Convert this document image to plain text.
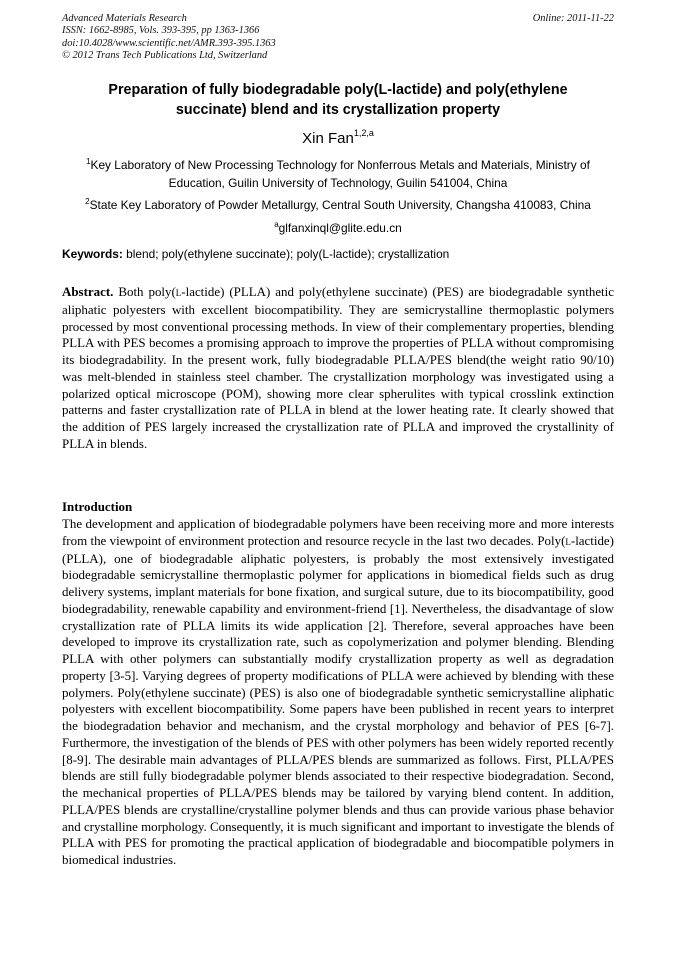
Advanced Materials Research
ISSN: 1662-8985, Vols. 393-395, pp 1363-1366
doi:10.4028/www.scientific.net/AMR.393-395.1363
© 2012 Trans Tech Publications Ltd, Switzerland
Online: 2011-11-22
Preparation of fully biodegradable poly(L-lactide) and poly(ethylene
succinate) blend and its crystallization property
Xin Fan$^{1,2,a}$
$^1$Key Laboratory of New Processing Technology for Nonferrous Metals and Materials, Ministry of Education, Guilin University of Technology, Guilin 541004, China
$^2$State Key Laboratory of Powder Metallurgy, Central South University, Changsha 410083, China
$^a$glfanxinql@glite.edu.cn
Keywords: blend; poly(ethylene succinate); poly(L-lactide); crystallization
Abstract. Both poly(L-lactide) (PLLA) and poly(ethylene succinate) (PES) are biodegradable synthetic aliphatic polyesters with excellent biocompatibility. They are semicrystalline thermoplastic polymers processed by most conventional processing methods. In view of their complementary properties, blending PLLA with PES becomes a promising approach to improve the properties of PLLA without compromising its biodegradability. In the present work, fully biodegradable PLLA/PES blend(the weight ratio 90/10) was melt-blended in stainless steel chamber. The crystallization morphology was investigated using a polarized optical microscope (POM), showing more clear spherulites with typical crosslink extinction patterns and faster crystallization rate of PLLA in blend at the lower heating rate. It clearly showed that the addition of PES largely increased the crystallization rate of PLLA and improved the crystallinity of PLLA in blends.
Introduction
The development and application of biodegradable polymers have been receiving more and more interests from the viewpoint of environment protection and resource recycle in the last two decades. Poly(L-lactide) (PLLA), one of biodegradable aliphatic polyesters, is probably the most extensively investigated biodegradable semicrystalline thermoplastic polymer for applications in biomedical fields such as drug delivery systems, implant materials for bone fixation, and surgical suture, due to its biocompatibility, good biodegradability, renewable capability and environment-friend [1]. Nevertheless, the disadvantage of slow crystallization rate of PLLA limits its wide application [2]. Therefore, several approaches have been developed to improve its crystallization rate, such as copolymerization and polymer blending. Blending PLLA with other polymers can substantially modify crystallization property as well as degradation property [3-5]. Varying degrees of property modifications of PLLA were achieved by blending with these polymers. Poly(ethylene succinate) (PES) is also one of biodegradable synthetic semicrystalline aliphatic polyesters with excellent biocompatibility. Some papers have been published in recent years to interpret the biodegradation behavior and mechanism, and the crystal morphology and behavior of PES [6-7]. Furthermore, the investigation of the blends of PES with other polymers has been widely reported recently [8-9]. The desirable main advantages of PLLA/PES blends are summarized as follows. First, PLLA/PES blends are still fully biodegradable polymer blends associated to their respective biodegradation. Second, the mechanical properties of PLLA/PES blends may be tailored by varying blend content. In addition, PLLA/PES blends are crystalline/crystalline polymer blends and thus can provide various phase behavior and crystalline morphology. Consequently, it is much significant and important to investigate the blends of PLLA with PES for promoting the practical application of biodegradable and biocompatible polymers in biomedical industries.
